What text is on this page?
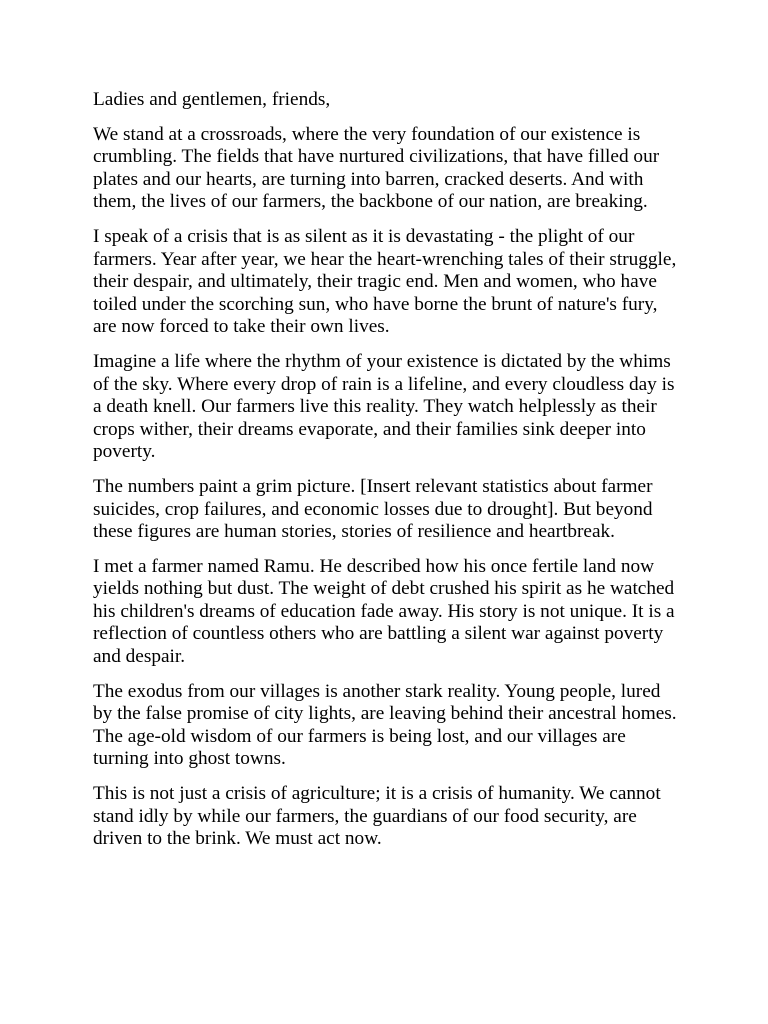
Ladies and gentlemen, friends,

We stand at a crossroads, where the very foundation of our existence is crumbling. The fields that have nurtured civilizations, that have filled our plates and our hearts, are turning into barren, cracked deserts. And with them, the lives of our farmers, the backbone of our nation, are breaking.

I speak of a crisis that is as silent as it is devastating - the plight of our farmers. Year after year, we hear the heart-wrenching tales of their struggle, their despair, and ultimately, their tragic end. Men and women, who have toiled under the scorching sun, who have borne the brunt of nature's fury, are now forced to take their own lives.

Imagine a life where the rhythm of your existence is dictated by the whims of the sky. Where every drop of rain is a lifeline, and every cloudless day is a death knell. Our farmers live this reality. They watch helplessly as their crops wither, their dreams evaporate, and their families sink deeper into poverty.

The numbers paint a grim picture. [Insert relevant statistics about farmer suicides, crop failures, and economic losses due to drought]. But beyond these figures are human stories, stories of resilience and heartbreak.

I met a farmer named Ramu. He described how his once fertile land now yields nothing but dust. The weight of debt crushed his spirit as he watched his children's dreams of education fade away. His story is not unique. It is a reflection of countless others who are battling a silent war against poverty and despair.

The exodus from our villages is another stark reality. Young people, lured by the false promise of city lights, are leaving behind their ancestral homes. The age-old wisdom of our farmers is being lost, and our villages are turning into ghost towns.

This is not just a crisis of agriculture; it is a crisis of humanity. We cannot stand idly by while our farmers, the guardians of our food security, are driven to the brink. We must act now.
